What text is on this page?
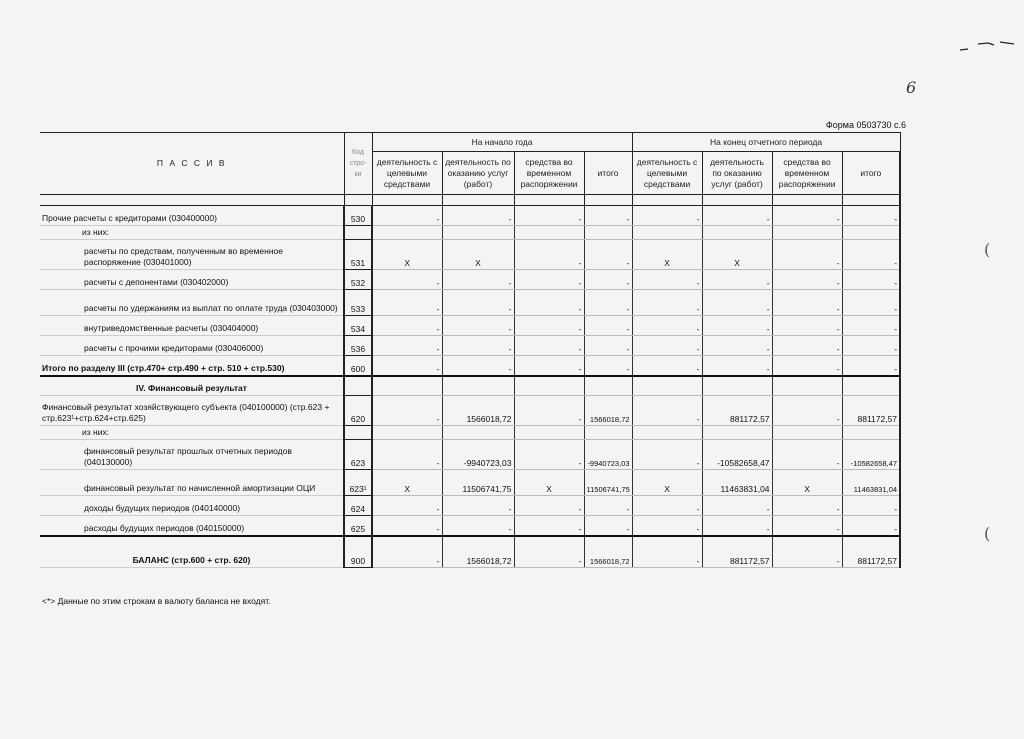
6
(
(
Форма 0503730 с.6
П А С С И В	Код стро-ки	На начало года				На конец отчетного периода			
		деятельность с целевыми средствами	деятельность по оказанию услуг (работ)	средства во временном распоряжении	итого	деятельность с целевыми средствами	деятельность по оказанию услуг (работ)	средства во временном распоряжении	итого

Прочие расчеты с кредиторами (030400000)	530	-	-	-	-	-	-	-	-
из них:									
расчеты по средствам, полученным во временное распоряжение (030401000)	531	X	X	-	-	X	X	-	-
расчеты с депонентами (030402000)	532	-	-	-	-	-	-	-	-
расчеты по удержаниям из выплат по оплате труда (030403000)	533	-	-	-	-	-	-	-	-
внутриведомственные расчеты (030404000)	534	-	-	-	-	-	-	-	-
расчеты с прочими кредиторами (030406000)	536	-	-	-	-	-	-	-	-
Итого по разделу III (стр.470+ стр.490 + стр. 510 + стр.530)	600	-	-	-	-	-	-	-	-
IV. Финансовый результат									
Финансовый результат хозяйствующего субъекта (040100000) (стр.623 + стр.623¹+стр.624+стр.625)	620	-	1566018,72	-	1566018,72	-	881172,57	-	881172,57
из них:									
финансовый результат прошлых отчетных периодов (040130000)	623	-	-9940723,03	-	-9940723,03	-	-10582658,47	-	-10582658,47
финансовый результат по начисленной амортизации ОЦИ	623¹	X	11506741,75	X	11506741,75	X	11463831,04	X	11463831,04
доходы будущих периодов (040140000)	624	-	-	-	-	-	-	-	-
расходы будущих периодов (040150000)	625	-	-	-	-	-	-	-	-
БАЛАНС (стр.600 + стр. 620)	900	-	1566018,72	-	1566018,72	-	881172,57	-	881172,57
<*> Данные по этим строкам в валюту баланса не входят.
